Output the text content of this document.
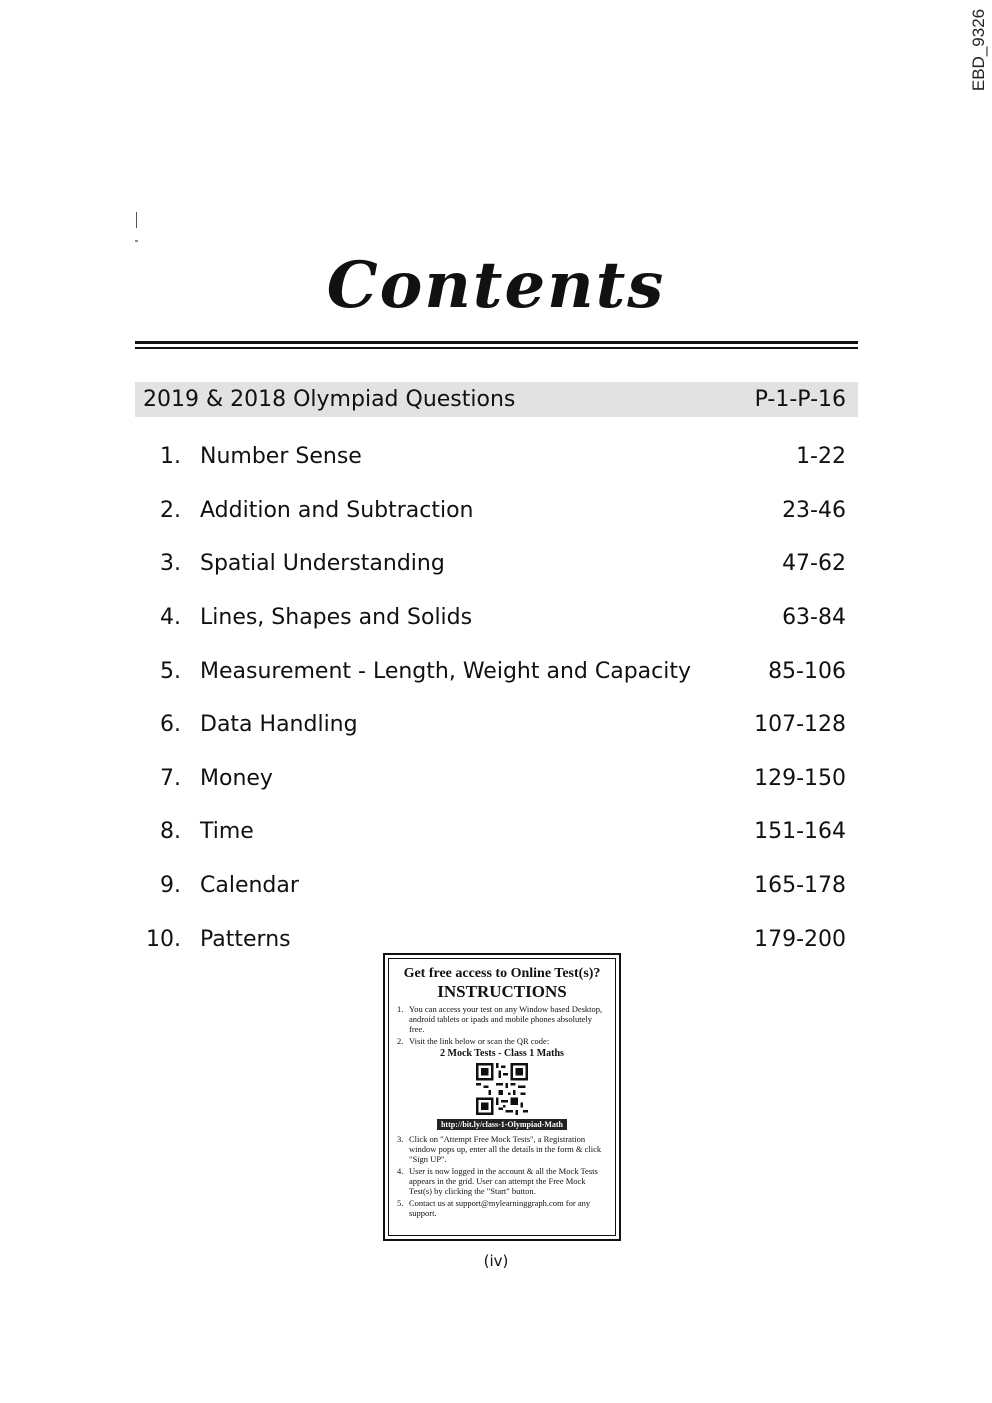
EBD_9326
Contents
2019 & 2018 Olympiad Questions	P-1-P-16
1. Number Sense	1-22
2. Addition and Subtraction	23-46
3. Spatial Understanding	47-62
4. Lines, Shapes and Solids	63-84
5. Measurement - Length, Weight and Capacity	85-106
6. Data Handling	107-128
7. Money	129-150
8. Time	151-164
9. Calendar	165-178
10. Patterns	179-200
Get free access to Online Test(s)?
INSTRUCTIONS
1. You can access your test on any Window based Desktop, android tablets or ipads and mobile phones absolutely free.
2. Visit the link below or scan the QR code:
2 Mock Tests - Class 1 Maths
http://bit.ly/class-1-Olympiad-Math
3. Click on "Attempt Free Mock Tests", a Registration window pops up, enter all the details in the form & click "Sign UP".
4. User is now logged in the account & all the Mock Tests appears in the grid. User can attempt the Free Mock Test(s) by clicking the "Start" button.
5. Contact us at support@mylearninggraph.com for any support.
(iv)
